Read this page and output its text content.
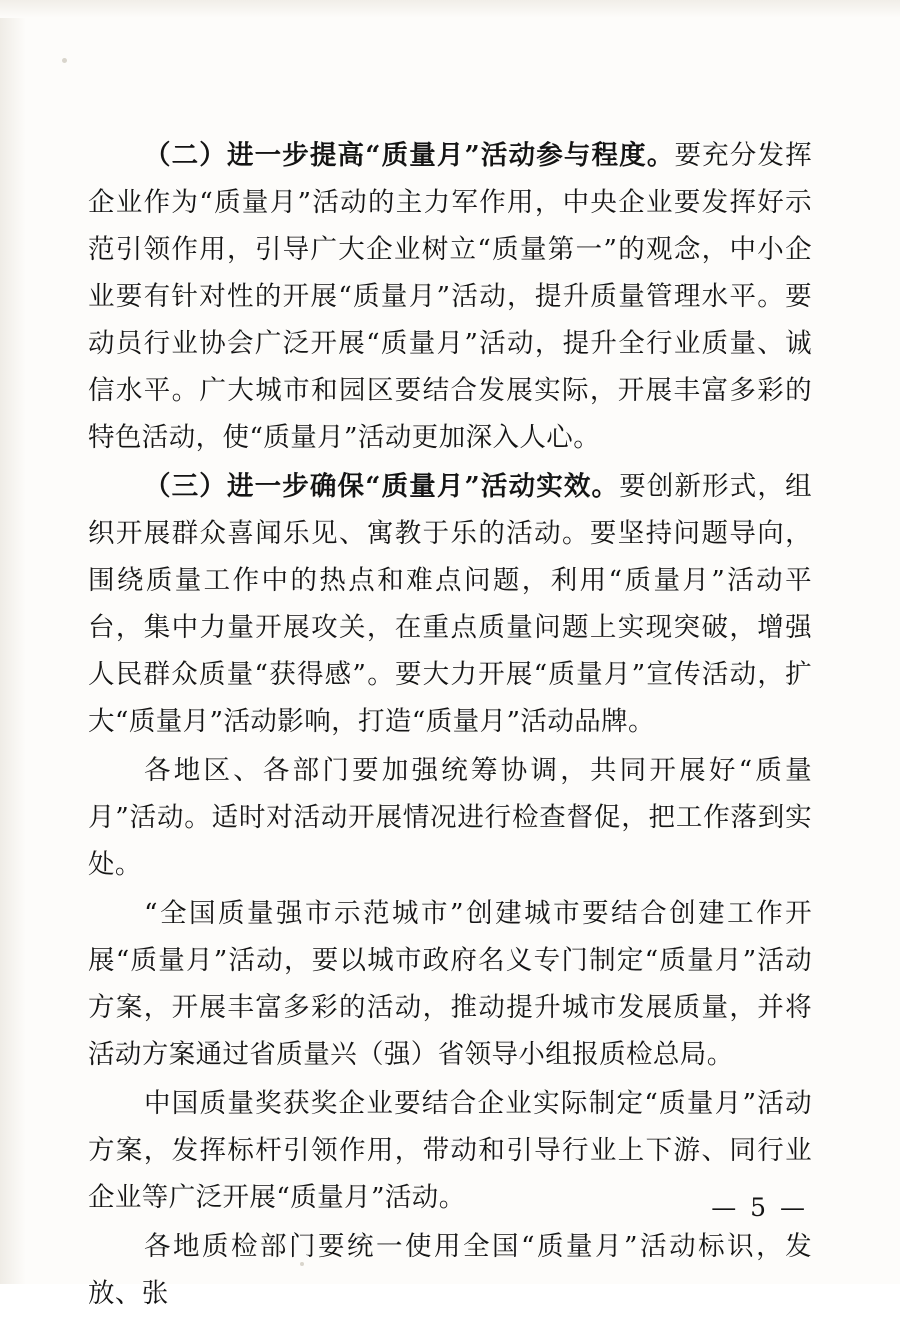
（二）进一步提高“质量月”活动参与程度。要充分发挥企业作为“质量月”活动的主力军作用，中央企业要发挥好示范引领作用，引导广大企业树立“质量第一”的观念，中小企业要有针对性的开展“质量月”活动，提升质量管理水平。要动员行业协会广泛开展“质量月”活动，提升全行业质量、诚信水平。广大城市和园区要结合发展实际，开展丰富多彩的特色活动，使“质量月”活动更加深入人心。

（三）进一步确保“质量月”活动实效。要创新形式，组织开展群众喜闻乐见、寓教于乐的活动。要坚持问题导向，围绕质量工作中的热点和难点问题，利用“质量月”活动平台，集中力量开展攻关，在重点质量问题上实现突破，增强人民群众质量“获得感”。要大力开展“质量月”宣传活动，扩大“质量月”活动影响，打造“质量月”活动品牌。

各地区、各部门要加强统筹协调，共同开展好“质量月”活动。适时对活动开展情况进行检查督促，把工作落到实处。

“全国质量强市示范城市”创建城市要结合创建工作开展“质量月”活动，要以城市政府名义专门制定“质量月”活动方案，开展丰富多彩的活动，推动提升城市发展质量，并将活动方案通过省质量兴（强）省领导小组报质检总局。

中国质量奖获奖企业要结合企业实际制定“质量月”活动方案，发挥标杆引领作用，带动和引导行业上下游、同行业企业等广泛开展“质量月”活动。

各地质检部门要统一使用全国“质量月”活动标识，发放、张

— 5 —
